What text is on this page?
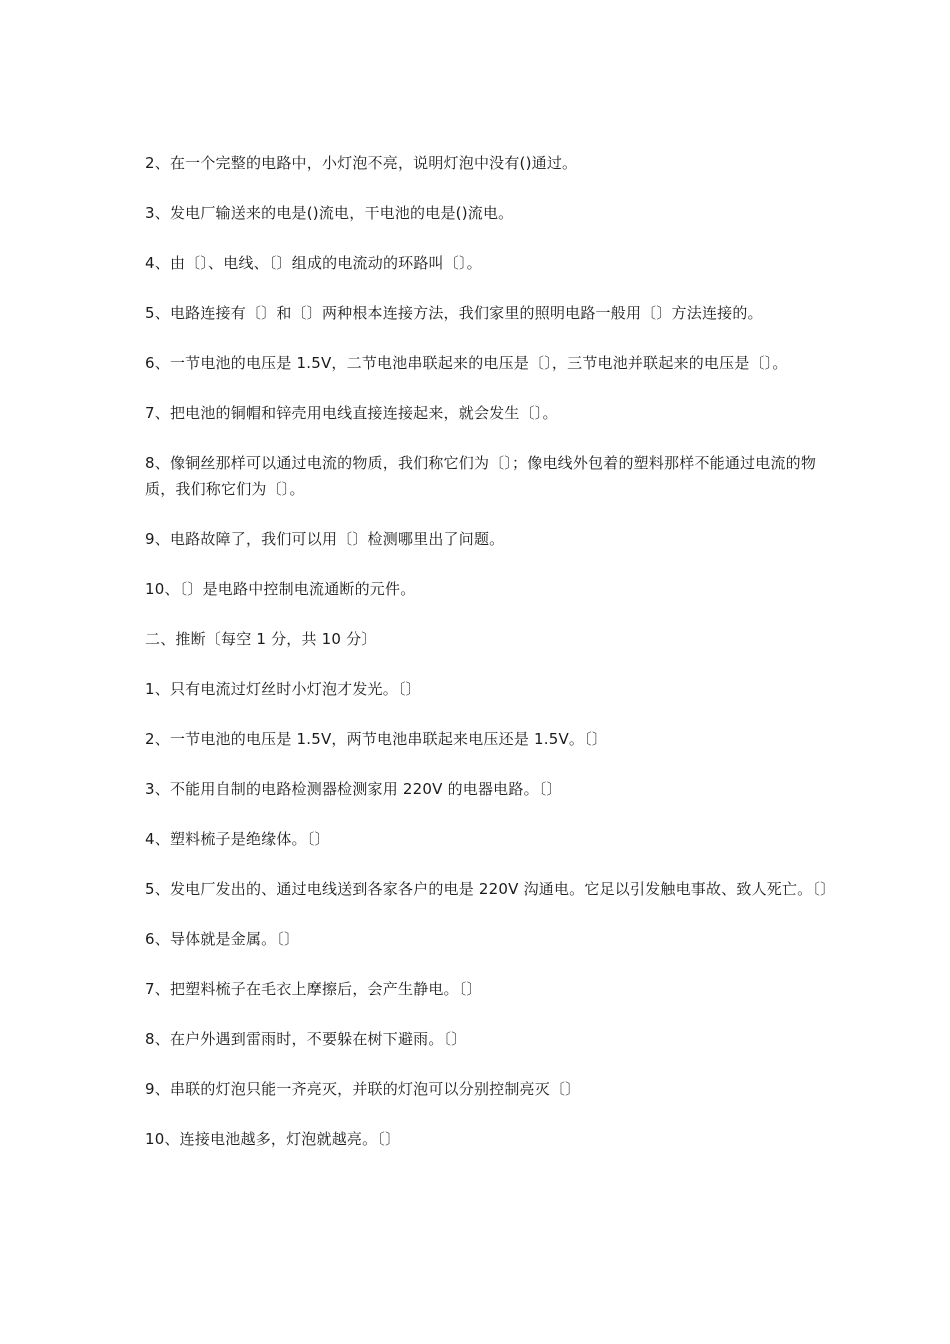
2、在一个完整的电路中，小灯泡不亮，说明灯泡中没有()通过。

3、发电厂输送来的电是()流电，干电池的电是()流电。

4、由〔〕、电线、〔〕组成的电流动的环路叫〔〕。

5、电路连接有〔〕和〔〕两种根本连接方法，我们家里的照明电路一般用〔〕方法连接的。

6、一节电池的电压是 1.5V，二节电池串联起来的电压是〔〕，三节电池并联起来的电压是〔〕。

7、把电池的铜帽和锌壳用电线直接连接起来，就会发生〔〕。

8、像铜丝那样可以通过电流的物质，我们称它们为〔〕；像电线外包着的塑料那样不能通过电流的物质，我们称它们为〔〕。

9、电路故障了，我们可以用〔〕检测哪里出了问题。

10、〔〕是电路中控制电流通断的元件。

二、推断〔每空 1 分，共 10 分〕

1、只有电流过灯丝时小灯泡才发光。〔〕

2、一节电池的电压是 1.5V，两节电池串联起来电压还是 1.5V。〔〕

3、不能用自制的电路检测器检测家用 220V 的电器电路。〔〕

4、塑料梳子是绝缘体。〔〕

5、发电厂发出的、通过电线送到各家各户的电是 220V 沟通电。它足以引发触电事故、致人死亡。〔〕

6、导体就是金属。〔〕

7、把塑料梳子在毛衣上摩擦后，会产生静电。〔〕

8、在户外遇到雷雨时，不要躲在树下避雨。〔〕

9、串联的灯泡只能一齐亮灭，并联的灯泡可以分别控制亮灭〔〕

10、连接电池越多，灯泡就越亮。〔〕
